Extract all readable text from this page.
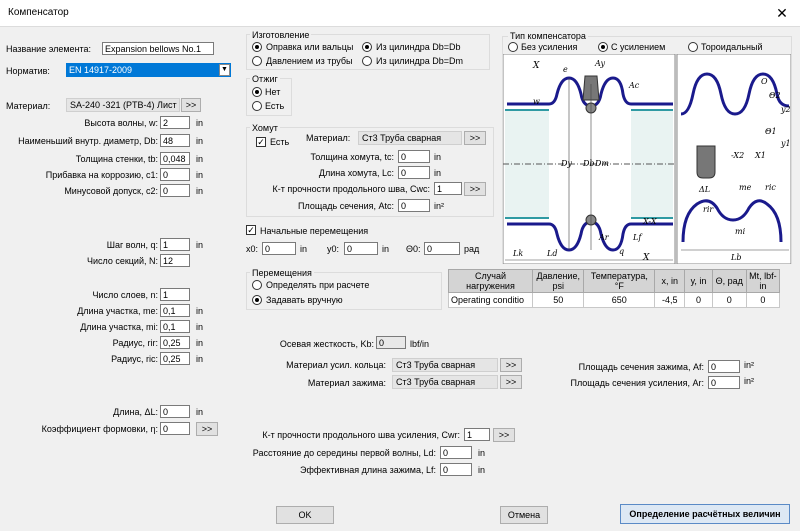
Компенсатор	✕
Название элемента:	Expansion bellows No.1
Норматив:	EN 14917-2009	▼
Материал:	SA-240 -321 (PTB-4) Лист	>>
Высота волны, w: 2	in
Наименьший внутр. диаметр, Db: 48	in
Толщина стенки, tb: 0,048	in
Прибавка на коррозию, c1: 0	in
Минусовой допуск, c2: 0	in
Шаг волн, q: 1	in
Число секций, N: 12
Число слоев, n: 1
Длина участка, me: 0,1	in
Длина участка, mi: 0,1	in
Радиус, rir: 0,25	in
Радиус, ric: 0,25	in
Длина, ΔL: 0	in
Коэффициент формовки, η: 0	>>
Изготовление
Оправка или вальцы
Давлением из трубы
Из цилиндра Db=Db
Из цилиндра Db=Dm
Отжиг
Нет
Есть
Хомут
✓ Есть Материал:	Ст3 Труба сварная	>>
Толщина хомута, tc: 0	in
Длина хомута, Lc: 0	in
К-т прочности продольного шва, Cwc: 1	>>
Площадь сечения, Atc: 0	in²
✓ Начальные перемещения
x0: 0	in y0: 0	in Θ0: 0	рад
Перемещения
Определять при расчете
Задавать вручную
Осевая жесткость, Kb: 0	lbf/in
Материал усил. кольца:	Ст3 Труба сварная	>>
Материал зажима:	Ст3 Труба сварная	>>
К-т прочности продольного шва усиления, Cwr: 1	>>
Расстояние до середины первой волны, Ld: 0	in
Эффективная длина зажима, Lf: 0	in
Площадь сечения зажима, Af: 0	in²
Площадь сечения усиления, Ar: 0	in²
Тип компенсатора
Без усиления	С усилением	Тороидальный
X
X
e
Ay
Ac
w
Dy Db Dm
Lk	Ld
Ar
q
Lf
X-X
O
Θ2
y2
Θ1
y1
-X2 X1
ΔL	me ric
rir
mi
Lb
Случай нагружения	Давление, psi	Температура, °F	x, in	y, in	Θ, рад	Mt, lbf-in
Operating conditio	50	650	-4,5	0	0	0
OK	Отмена	Определение расчётных величин
